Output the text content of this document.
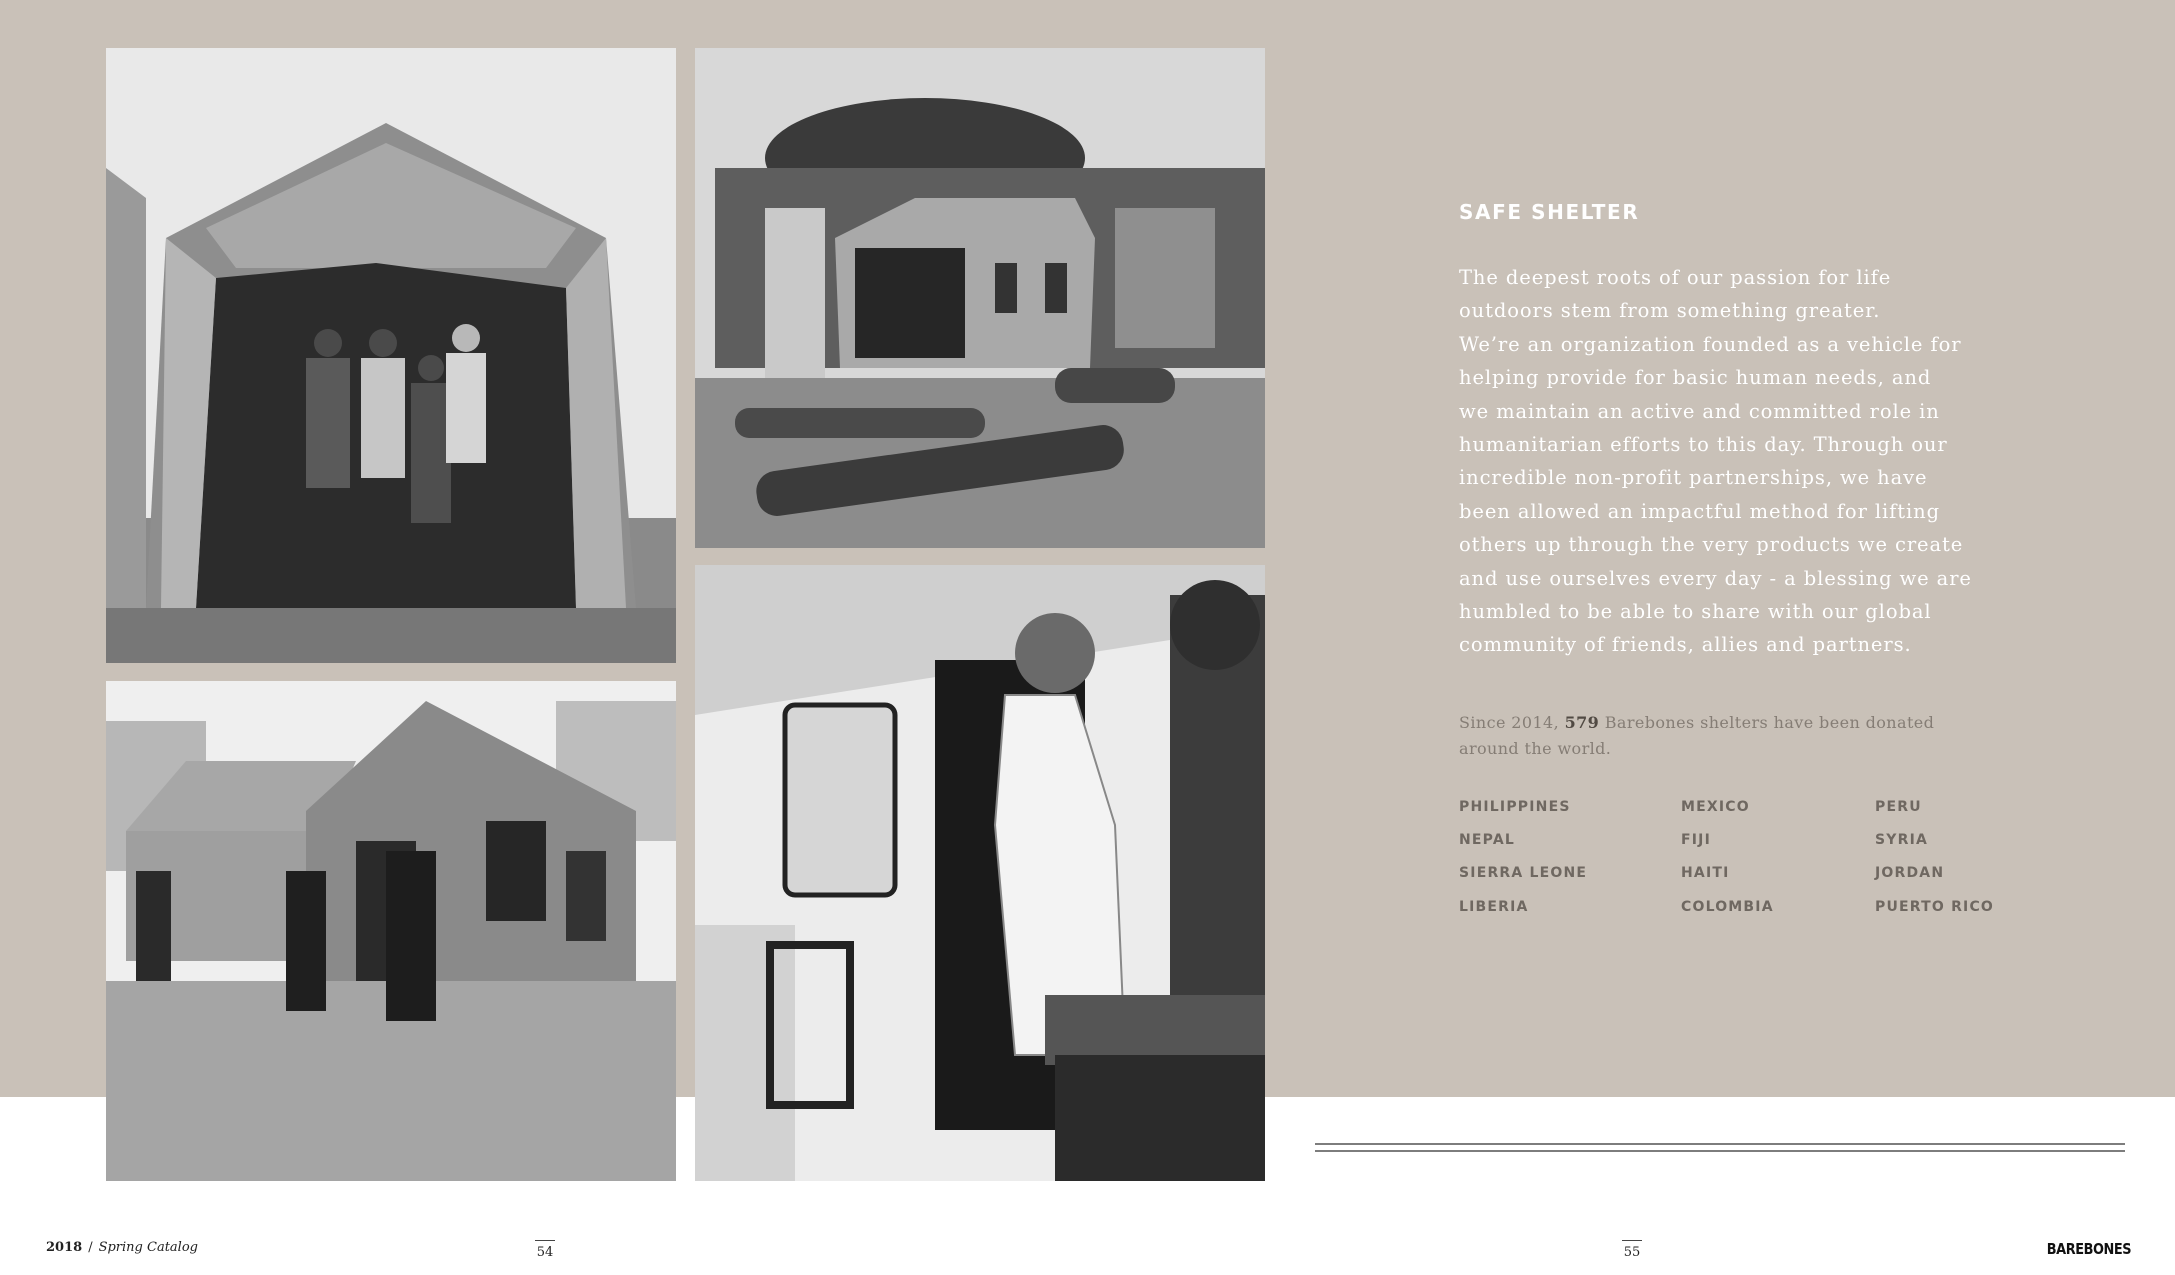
SAFE SHELTER
The deepest roots of our passion for life
outdoors stem from something greater.
We’re an organization founded as a vehicle for
helping provide for basic human needs, and
we maintain an active and committed role in
humanitarian efforts to this day. Through our
incredible non-profit partnerships, we have
been allowed an impactful method for lifting
others up through the very products we create
and use ourselves every day - a blessing we are
humbled to be able to share with our global
community of friends, allies and partners.
Since 2014, 579 Barebones shelters have been donated
around the world.
PHILIPPINES	MEXICO	PERU
NEPAL	FIJI	SYRIA
SIERRA LEONE	HAITI	JORDAN
LIBERIA	COLOMBIA	PUERTO RICO
2018 / Spring Catalog	54	55	BAREBONES
